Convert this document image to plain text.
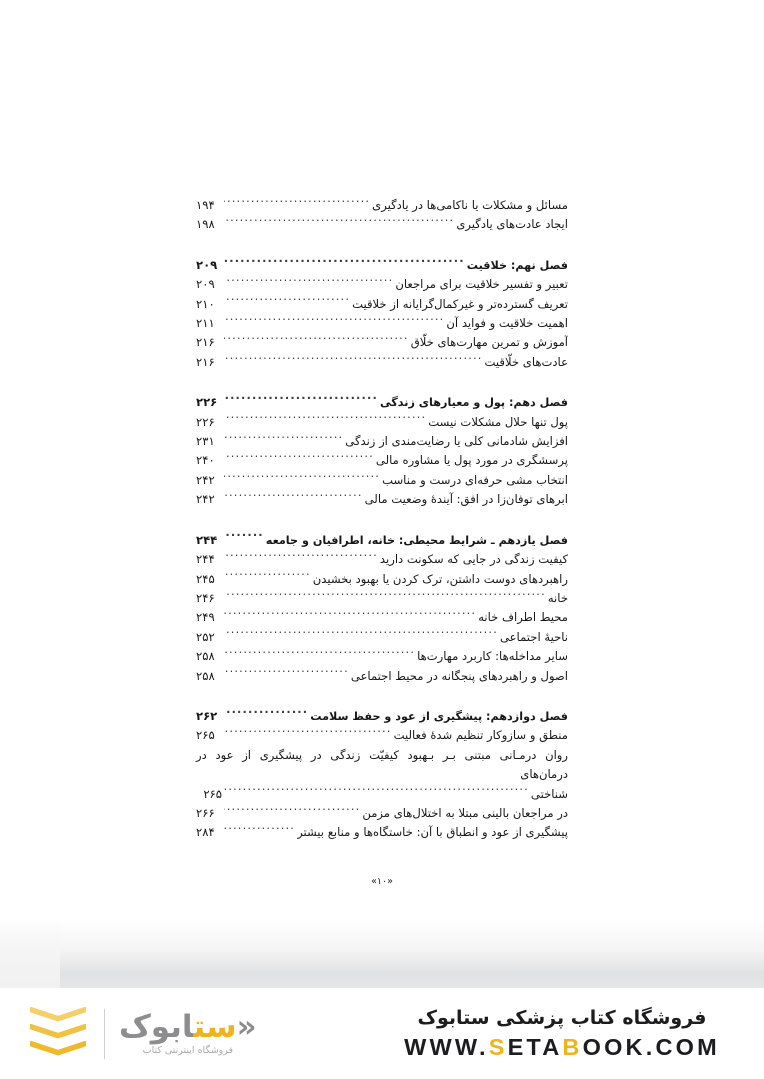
مسائل و مشکلات یا ناکامی‌ها در یادگیری
.....
۱۹۴
ایجاد عادت‌های یادگیری
.....
۱۹۸
فصل نهم: خلاقیت
.....
۲۰۹
تعبیر و تفسیر خلاقیت برای مراجعان
.....
۲۰۹
تعریف گسترده‌تر و غیرکمال‌گرایانه از خلاقیت
.....
۲۱۰
اهمیت خلاقیت و فواید آن
.....
۲۱۱
آموزش و تمرین مهارت‌های خلّاق
.....
۲۱۶
عادت‌های خلّاقیت
.....
۲۱۶
فصل دهم: پول و معیارهای زندگی
.....
۲۲۶
پول تنها حلال مشکلات نیست
.....
۲۲۶
افزایش شادمانی کلی یا رضایت‌مندی از زندگی
.....
۲۳۱
پرسشگری در مورد پول یا مشاوره مالی
.....
۲۴۰
انتخاب مشی حرفه‌ای درست و مناسب
.....
۲۴۲
ابرهای توفان‌زا در افق: آیندۀ وضعیت مالی
.....
۲۴۲
فصل یازدهم ـ شرایط محیطی: خانه، اطرافیان و جامعه
.....
۲۴۴
کیفیت زندگی در جایی که سکونت دارید
.....
۲۴۴
راهبردهای دوست داشتن، ترک کردن یا بهبود بخشیدن
.....
۲۴۵
خانه
.....
۲۴۶
محیط اطراف خانه
.....
۲۴۹
ناحیۀ اجتماعی
.....
۲۵۲
سایر مداخله‌ها: کاربرد مهارت‌ها
.....
۲۵۸
اصول و راهبردهای پنجگانه در محیط اجتماعی
.....
۲۵۸
فصل دوازدهم: پیشگیری از عود و حفظ سلامت
.....
۲۶۲
منطق و سازوکار تنظیم شدۀ فعالیت
.....
۲۶۵
روان درمـانی مبتنی بـر بـهبود کیفیّت زندگی در پیشگیری از عود در درمان‌های
شناختی
.....
۲۶۵
در مراجعان بالینی مبتلا به اختلال‌های مزمن
.....
۲۶۶
پیشگیری از عود و انطباق با آن: خاستگاه‌ها و منابع بیشتر
.....
۲۸۴
«۱۰»
فروشگاه کتاب پزشکی ستابوک
WWW.SETABOOK.COM
«ستابوک
فروشگاه اینترنتی کتاب
